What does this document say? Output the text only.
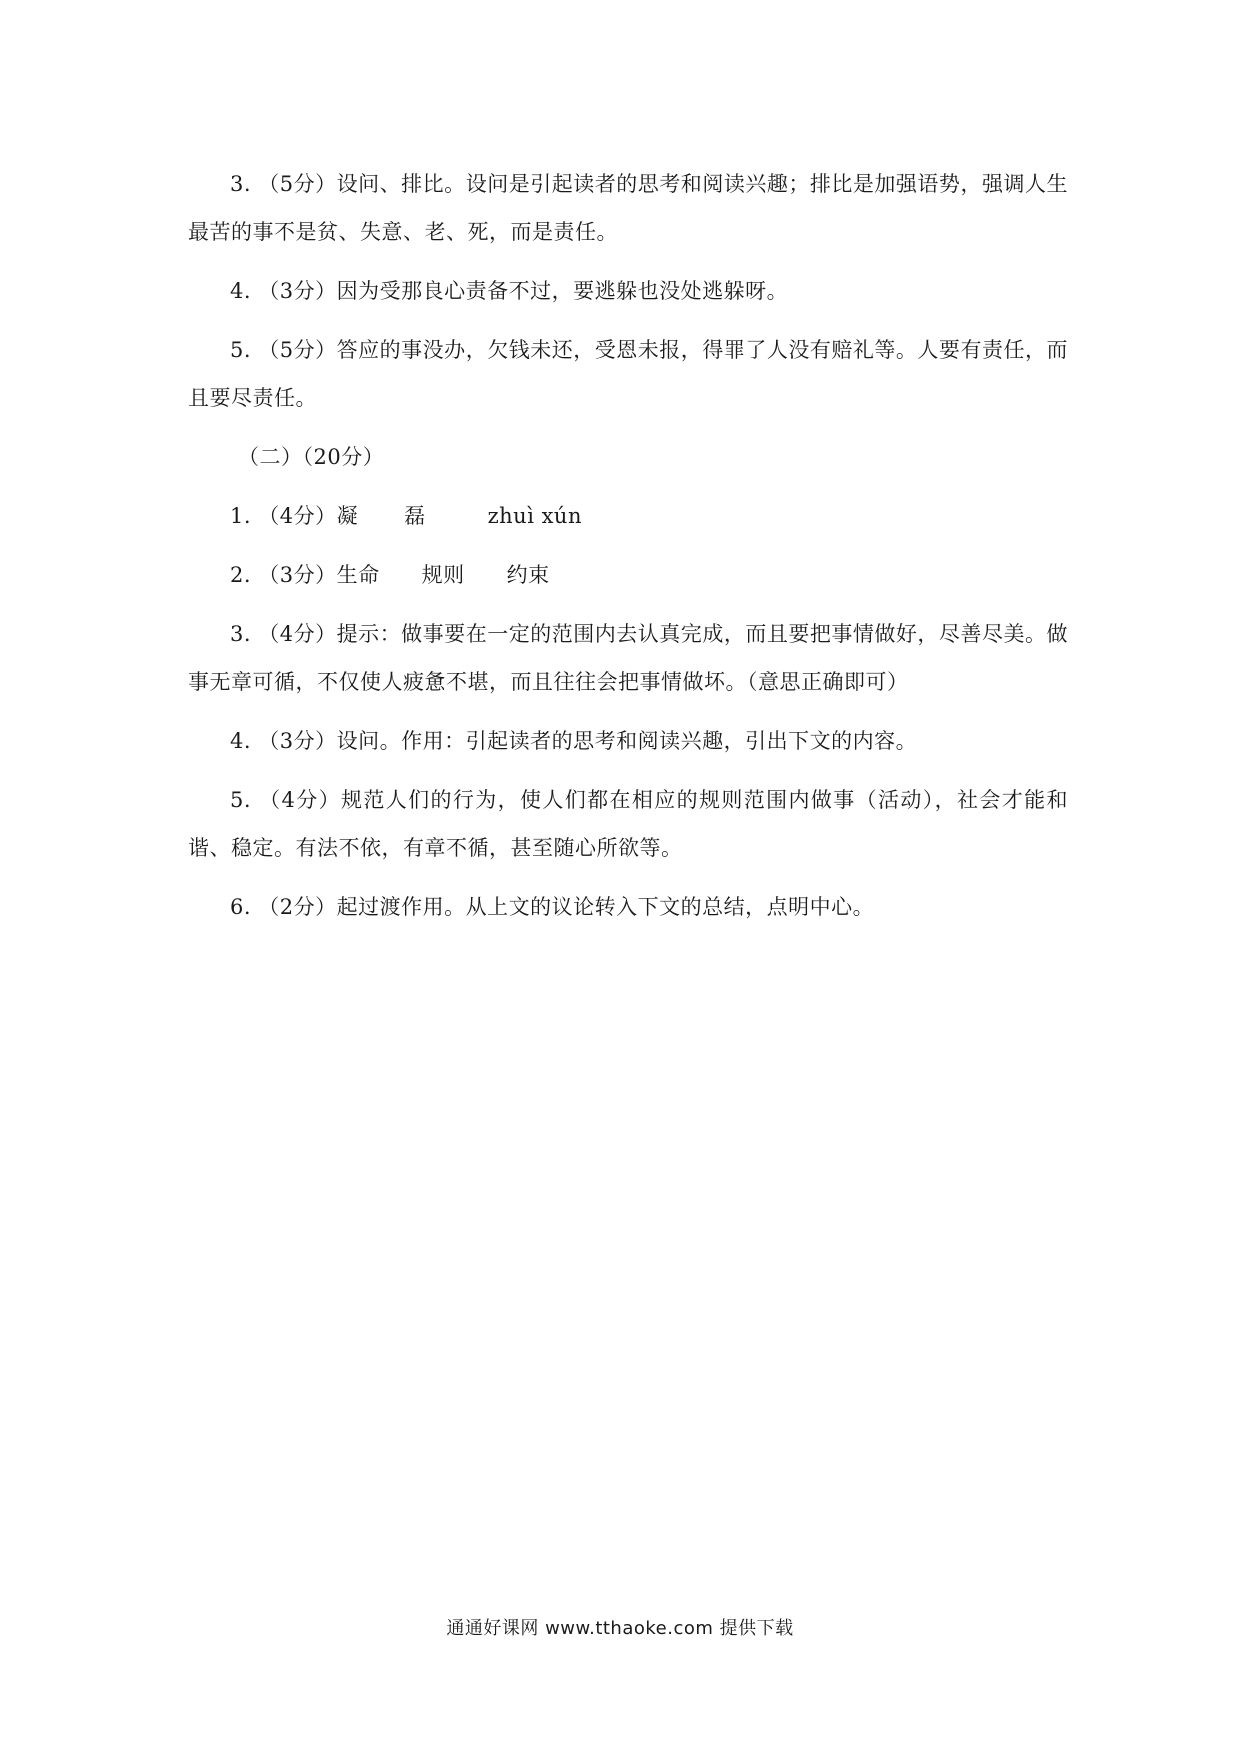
3. （5分）设问、排比。设问是引起读者的思考和阅读兴趣；排比是加强语势，强调人生最苦的事不是贫、失意、老、死，而是责任。

4. （3分）因为受那良心责备不过，要逃躲也没处逃躲呀。

5. （5分）答应的事没办，欠钱未还，受恩未报，得罪了人没有赔礼等。人要有责任，而且要尽责任。

（二）（20分）

1. （4分）凝 磊	zhuì xún

2. （3分）生命 规则 约束

3. （4分）提示：做事要在一定的范围内去认真完成，而且要把事情做好，尽善尽美。做事无章可循，不仅使人疲惫不堪，而且往往会把事情做坏。（意思正确即可）

4. （3分）设问。作用：引起读者的思考和阅读兴趣，引出下文的内容。

5. （4分）规范人们的行为，使人们都在相应的规则范围内做事（活动），社会才能和谐、稳定。有法不依，有章不循，甚至随心所欲等。

6. （2分）起过渡作用。从上文的议论转入下文的总结，点明中心。

通通好课网 www.tthaoke.com 提供下载
